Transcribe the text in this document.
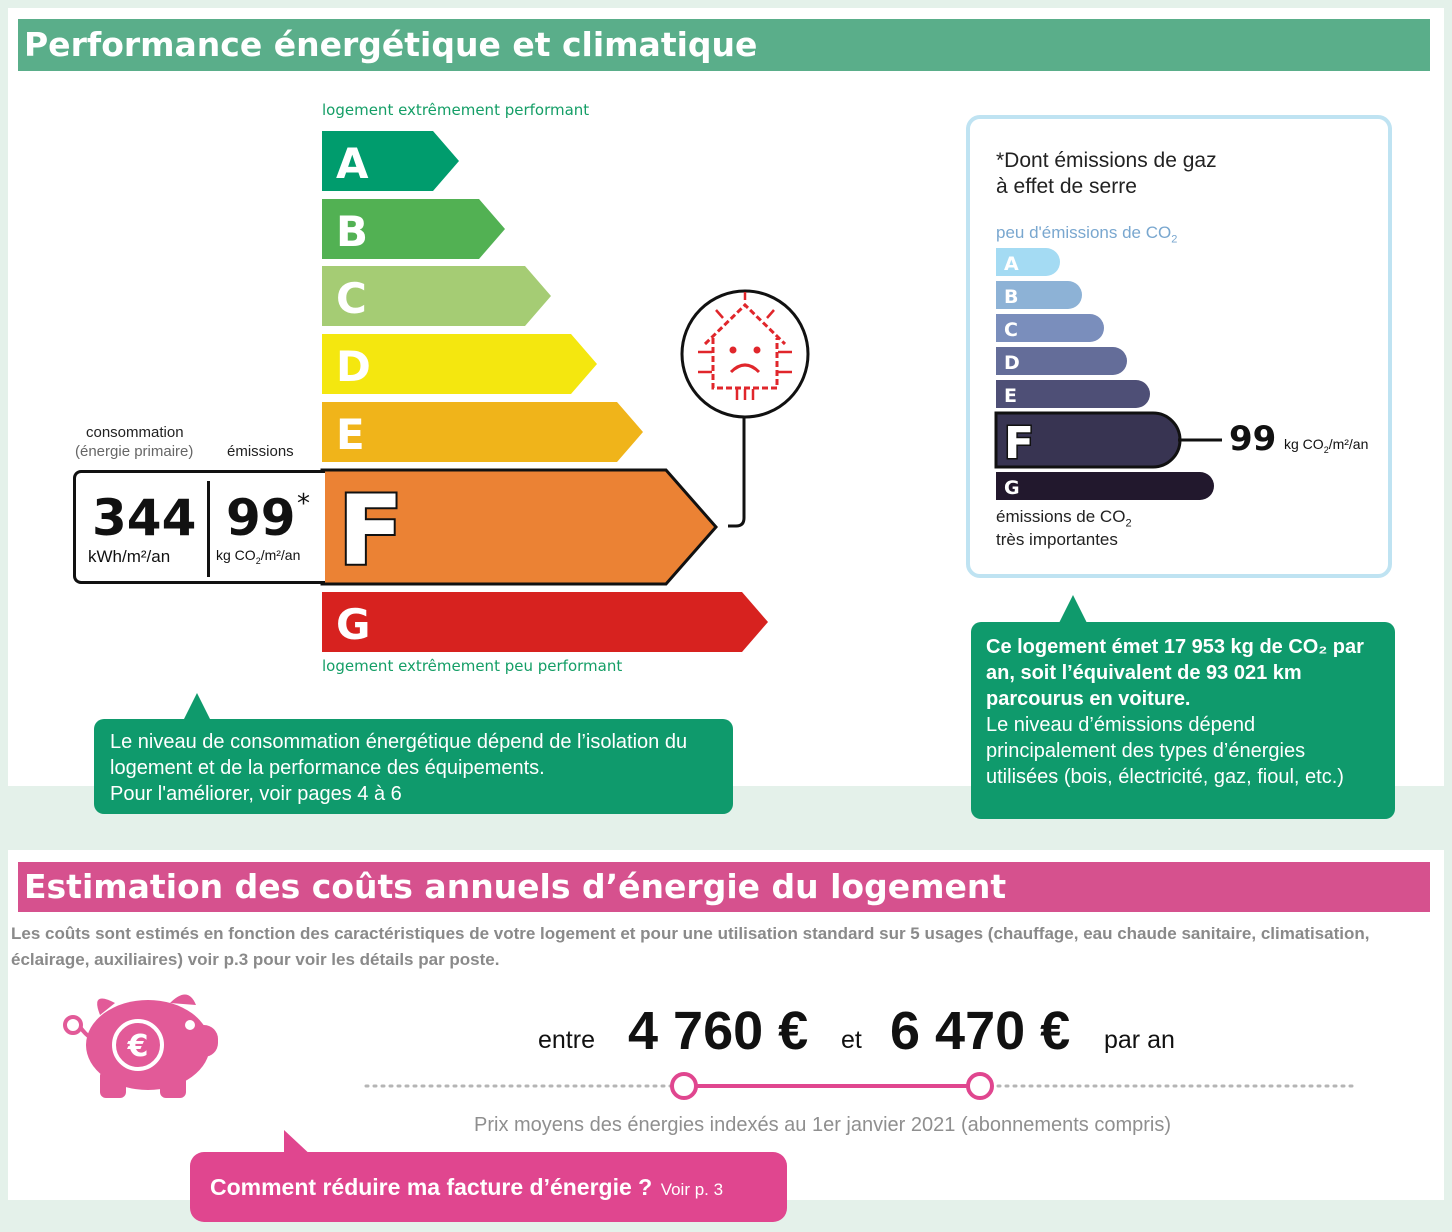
Performance énergétique et climatique
logement extrêmement performant
logement extrêmement peu performant
A
B
C
D
E
F
G
consommation
(énergie primaire) émissions
344
kWh/m²/an
99 *
kg $CO_2/m^2/an$
Le niveau de consommation énergétique dépend de l’isolation du
logement et de la performance des équipements.
Pour l'améliorer, voir pages 4 à 6
*Dont émissions de gaz
à effet de serre
peu d'émissions de $CO_2$
émissions de $CO_2$
très importantes
A
B
C
D
E
F
G
99 kg $CO_2/m^2/an$
Ce logement émet 17 953 kg de CO₂ par
an, soit l’équivalent de 93 021 km
parcourus en voiture.
Le niveau d’émissions dépend
principalement des types d’énergies
utilisées (bois, électricité, gaz, fioul, etc.)
Estimation des coûts annuels d’énergie du logement
Les coûts sont estimés en fonction des caractéristiques de votre logement et pour une utilisation standard sur 5 usages (chauffage, eau chaude sanitaire, climatisation,
éclairage, auxiliaires) voir p.3 pour voir les détails par poste.
€	entre 4 760 € et 6 470 € par an
Prix moyens des énergies indexés au 1er janvier 2021 (abonnements compris)
Comment réduire ma facture d’énergie ? Voir p. 3
